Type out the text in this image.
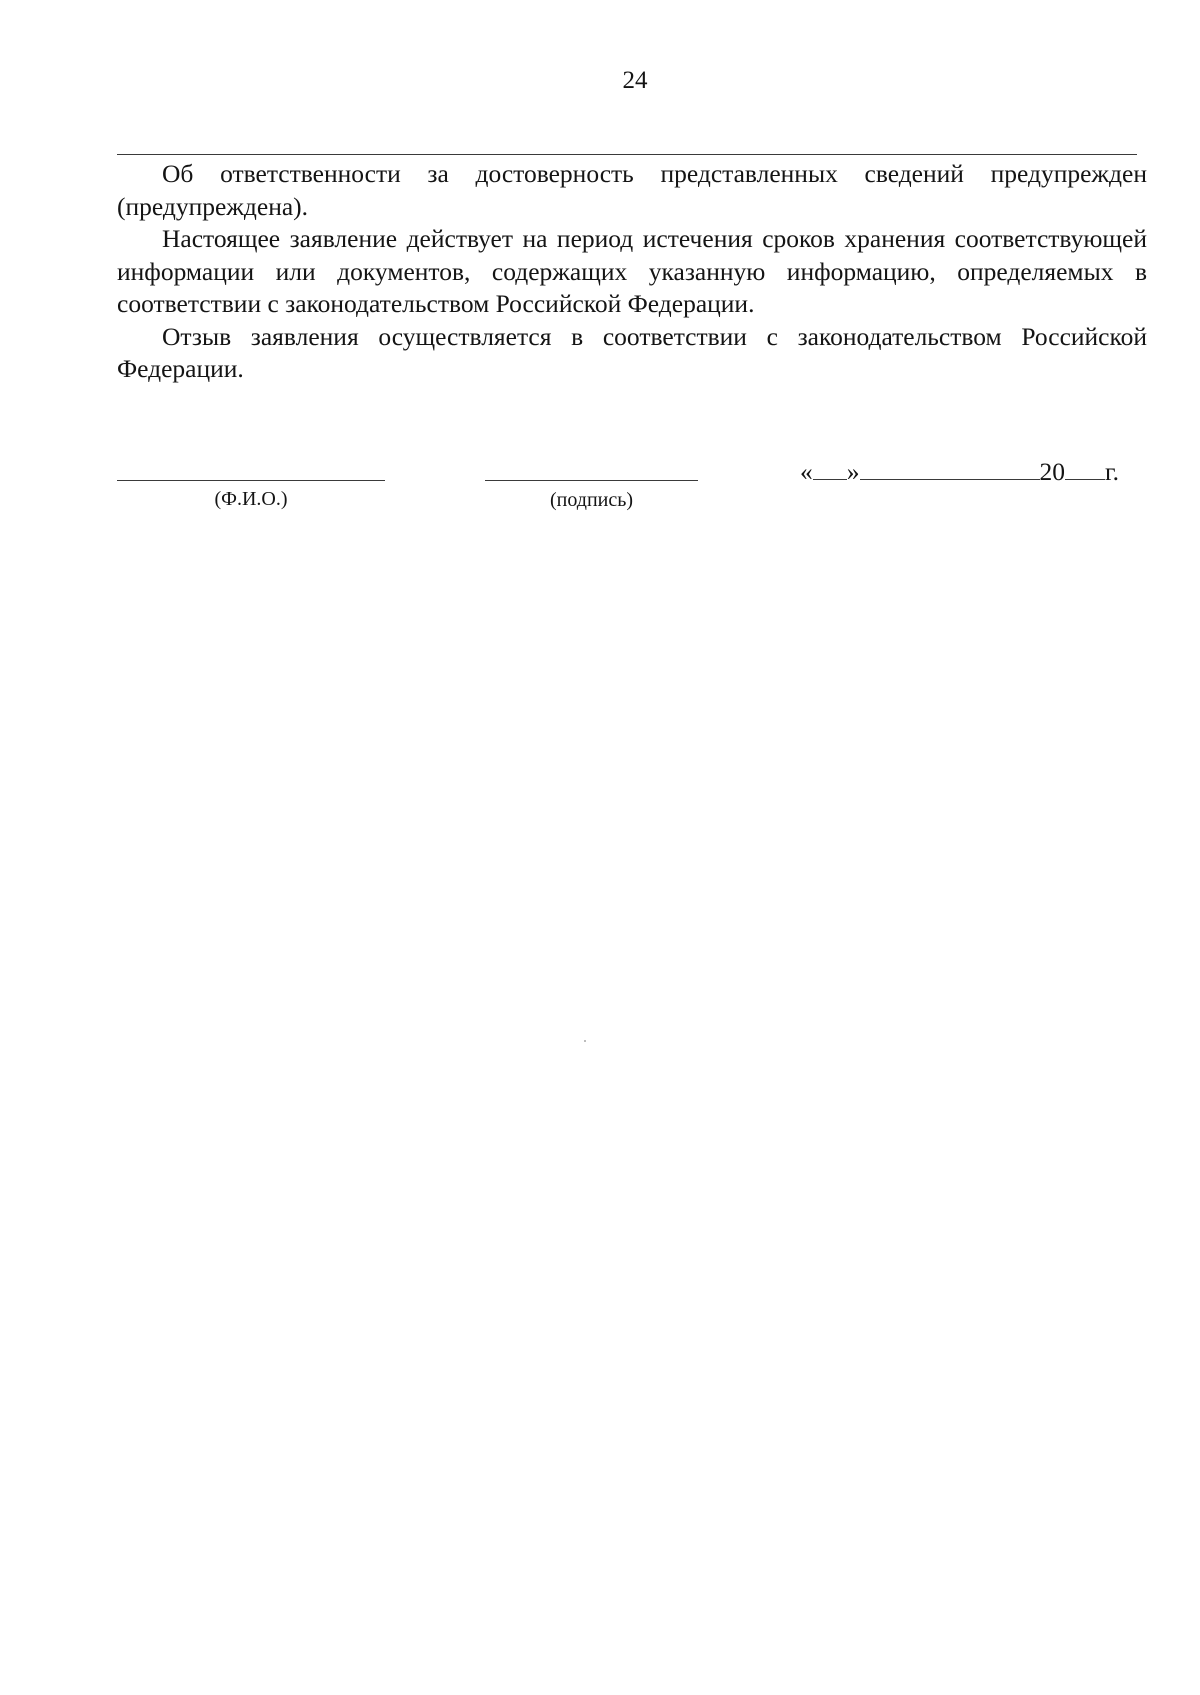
24

Об ответственности за достоверность представленных сведений предупрежден (предупреждена).

Настоящее заявление действует на период истечения сроков хранения соответствующей информации или документов, содержащих указанную информацию, определяемых в соответствии с законодательством Российской Федерации.

Отзыв заявления осуществляется в соответствии с законодательством Российской Федерации.

(Ф.И.О.)	(подпись)
« »	20 г.
